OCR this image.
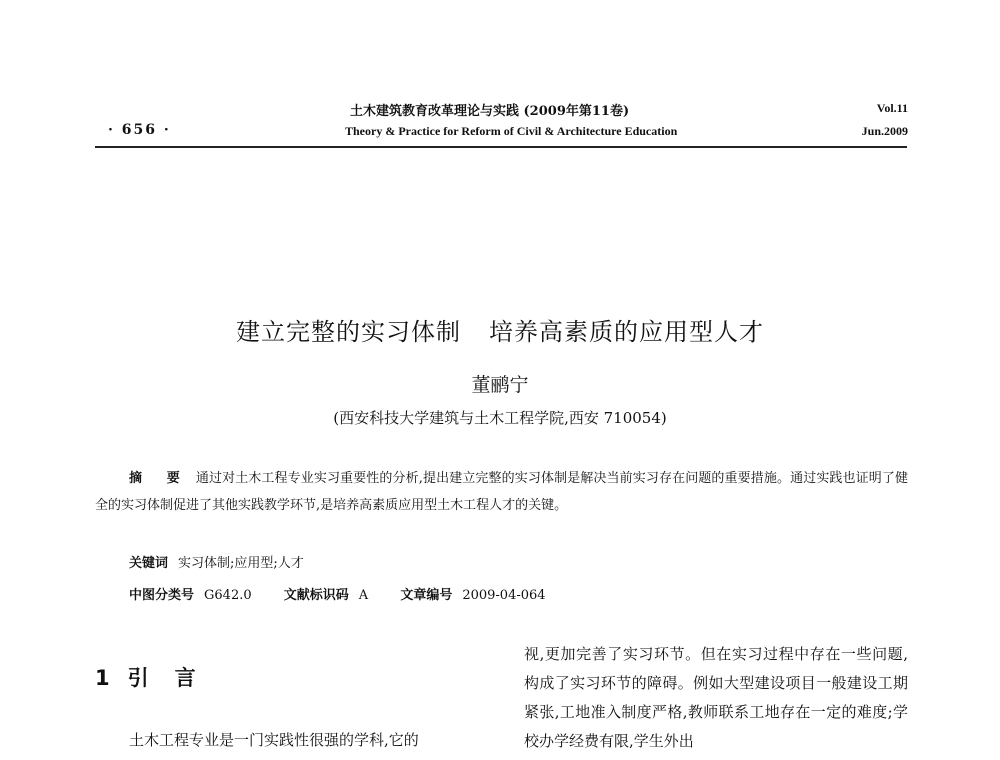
· 656 ·
土木建筑教育改革理论与实践 (2009年第11卷)
Theory & Practice for Reform of Civil & Architecture Education
Vol.11
Jun.2009
建立完整的实习体制 培养高素质的应用型人才
董鹂宁
(西安科技大学建筑与土木工程学院,西安 710054)
摘 要 通过对土木工程专业实习重要性的分析,提出建立完整的实习体制是解决当前实习存在问题的重要措施。通过实践也证明了健全的实习体制促进了其他实践教学环节,是培养高素质应用型土木工程人才的关键。
关键词 实习体制;应用型;人才
中图分类号 G642.0 文献标识码 A 文章编号 2009-04-064
1 引言
土木工程专业是一门实践性很强的学科,它的
视,更加完善了实习环节。但在实习过程中存在一些问题,构成了实习环节的障碍。例如大型建设项目一般建设工期紧张,工地准入制度严格,教师联系工地存在一定的难度;学校办学经费有限,学生外出
